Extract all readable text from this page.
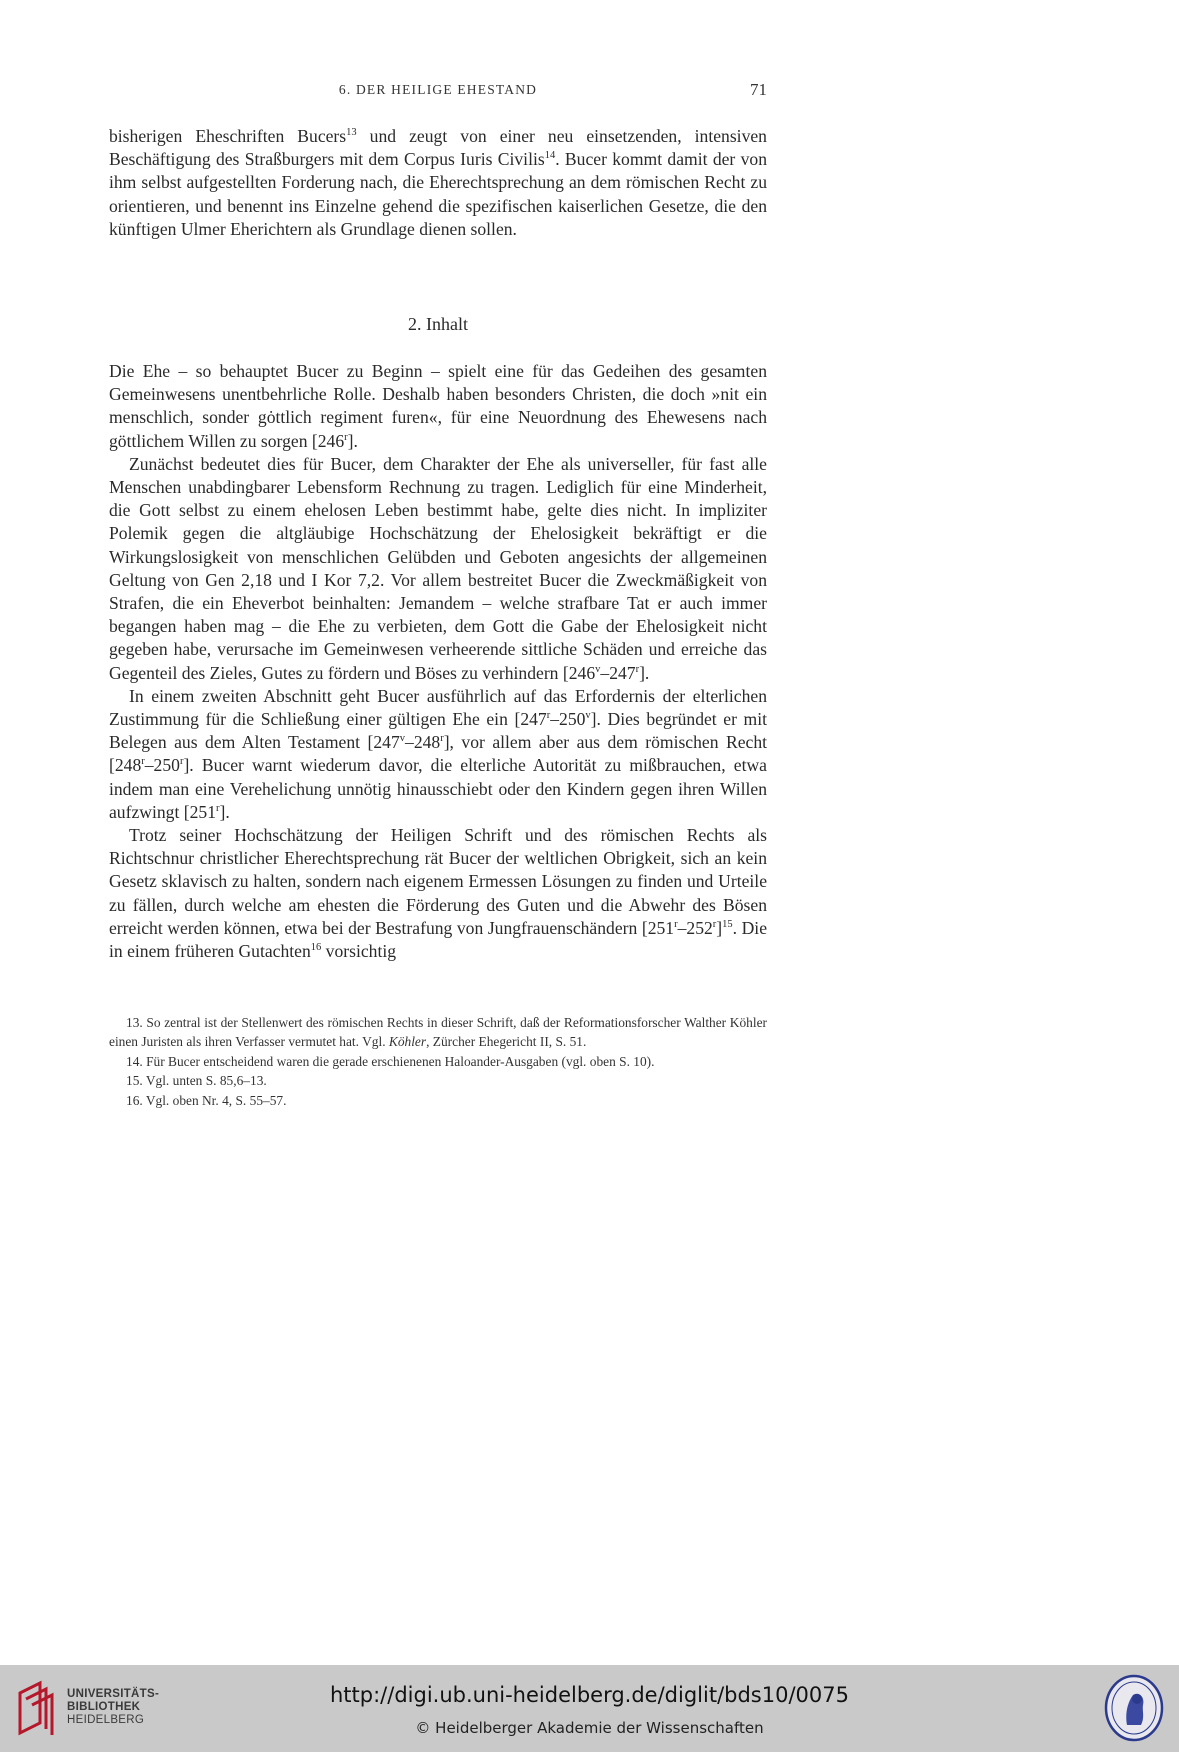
6. DER HEILIGE EHESTAND	71

bisherigen Eheschriften Bucers$^{13}$ und zeugt von einer neu einsetzenden, intensiven Beschäftigung des Straßburgers mit dem Corpus Iuris Civilis$^{14}$. Bucer kommt damit der von ihm selbst aufgestellten Forderung nach, die Eherechtsprechung an dem römischen Recht zu orientieren, und benennt ins Einzelne gehend die spezifischen kaiserlichen Gesetze, die den künftigen Ulmer Eherichtern als Grundlage dienen sollen.

2. Inhalt

Die Ehe – so behauptet Bucer zu Beginn – spielt eine für das Gedeihen des gesamten Gemeinwesens unentbehrliche Rolle. Deshalb haben besonders Christen, die doch »nit ein menschlich, sonder gȯttlich regiment furen«, für eine Neuordnung des Ehewesens nach göttlichem Willen zu sorgen [246$^r$].

Zunächst bedeutet dies für Bucer, dem Charakter der Ehe als universeller, für fast alle Menschen unabdingbarer Lebensform Rechnung zu tragen. Lediglich für eine Minderheit, die Gott selbst zu einem ehelosen Leben bestimmt habe, gelte dies nicht. In impliziter Polemik gegen die altgläubige Hochschätzung der Ehelosigkeit bekräftigt er die Wirkungslosigkeit von menschlichen Gelübden und Geboten angesichts der allgemeinen Geltung von Gen 2,18 und I Kor 7,2. Vor allem bestreitet Bucer die Zweckmäßigkeit von Strafen, die ein Eheverbot beinhalten: Jemandem – welche strafbare Tat er auch immer begangen haben mag – die Ehe zu verbieten, dem Gott die Gabe der Ehelosigkeit nicht gegeben habe, verursache im Gemeinwesen verheerende sittliche Schäden und erreiche das Gegenteil des Zieles, Gutes zu fördern und Böses zu verhindern [246$^v$–247$^r$].

In einem zweiten Abschnitt geht Bucer ausführlich auf das Erfordernis der elterlichen Zustimmung für die Schließung einer gültigen Ehe ein [247$^r$–250$^v$]. Dies begründet er mit Belegen aus dem Alten Testament [247$^v$–248$^r$], vor allem aber aus dem römischen Recht [248$^r$–250$^r$]. Bucer warnt wiederum davor, die elterliche Autorität zu mißbrauchen, etwa indem man eine Verehelichung unnötig hinausschiebt oder den Kindern gegen ihren Willen aufzwingt [251$^r$].

Trotz seiner Hochschätzung der Heiligen Schrift und des römischen Rechts als Richtschnur christlicher Eherechtsprechung rät Bucer der weltlichen Obrigkeit, sich an kein Gesetz sklavisch zu halten, sondern nach eigenem Ermessen Lösungen zu finden und Urteile zu fällen, durch welche am ehesten die Förderung des Guten und die Abwehr des Bösen erreicht werden können, etwa bei der Bestrafung von Jungfrauenschändern $[251^r-252^r]^{15}$. Die in einem früheren Gutachten$^{16}$ vorsichtig

13. So zentral ist der Stellenwert des römischen Rechts in dieser Schrift, daß der Reformationsforscher Walther Köhler einen Juristen als ihren Verfasser vermutet hat. Vgl. Köhler, Zürcher Ehegericht II, S. 51.

14. Für Bucer entscheidend waren die gerade erschienenen Haloander-Ausgaben (vgl. oben S. 10).

15. Vgl. unten S. 85,6–13.

16. Vgl. oben Nr. 4, S. 55–57.

UNIVERSITÄTS-
BIBLIOTHEK
HEIDELBERG
http://digi.ub.uni-heidelberg.de/diglit/bds10/0075
© Heidelberger Akademie der Wissenschaften
